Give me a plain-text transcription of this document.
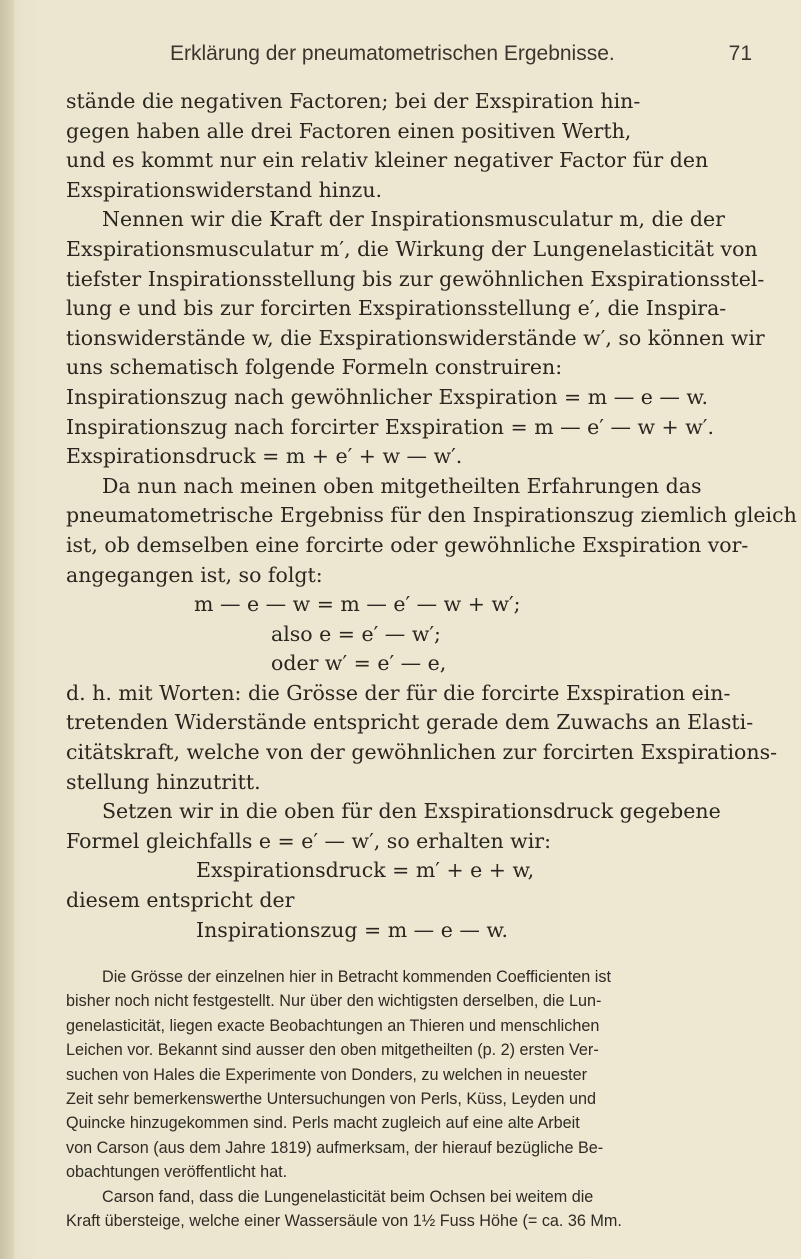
Erklärung der pneumatometrischen Ergebnisse.	71
stände die negativen Factoren; bei der Exspiration hin-
gegen haben alle drei Factoren einen positiven Werth,
und es kommt nur ein relativ kleiner negativer Factor für den
Exspirationswiderstand hinzu.
Nennen wir die Kraft der Inspirationsmusculatur m, die der
Exspirationsmusculatur m′, die Wirkung der Lungenelasticität von
tiefster Inspirationsstellung bis zur gewöhnlichen Exspirationsstel-
lung e und bis zur forcirten Exspirationsstellung e′, die Inspira-
tionswiderstände w, die Exspirationswiderstände w′, so können wir
uns schematisch folgende Formeln construiren:
Inspirationszug nach gewöhnlicher Exspiration = m — e — w.
Inspirationszug nach forcirter Exspiration = m — e′ — w + w′.
Exspirationsdruck = m + e′ + w — w′.
Da nun nach meinen oben mitgetheilten Erfahrungen das
pneumatometrische Ergebniss für den Inspirationszug ziemlich gleich
ist, ob demselben eine forcirte oder gewöhnliche Exspiration vor-
angegangen ist, so folgt:
m — e — w = m — e′ — w + w′;
also e = e′ — w′;
oder w′ = e′ — e,
d. h. mit Worten: die Grösse der für die forcirte Exspiration ein-
tretenden Widerstände entspricht gerade dem Zuwachs an Elasti-
citätskraft, welche von der gewöhnlichen zur forcirten Exspirations-
stellung hinzutritt.
Setzen wir in die oben für den Exspirationsdruck gegebene
Formel gleichfalls e = e′ — w′, so erhalten wir:
Exspirationsdruck = m′ + e + w,
diesem entspricht der
Inspirationszug = m — e — w.
Die Grösse der einzelnen hier in Betracht kommenden Coefficienten ist
bisher noch nicht festgestellt. Nur über den wichtigsten derselben, die Lun-
genelasticität, liegen exacte Beobachtungen an Thieren und menschlichen
Leichen vor. Bekannt sind ausser den oben mitgetheilten (p. 2) ersten Ver-
suchen von Hales die Experimente von Donders, zu welchen in neuester
Zeit sehr bemerkenswerthe Untersuchungen von Perls, Küss, Leyden und
Quincke hinzugekommen sind. Perls macht zugleich auf eine alte Arbeit
von Carson (aus dem Jahre 1819) aufmerksam, der hierauf bezügliche Be-
obachtungen veröffentlicht hat.
Carson fand, dass die Lungenelasticität beim Ochsen bei weitem die
Kraft übersteige, welche einer Wassersäule von 1½ Fuss Höhe (= ca. 36 Mm.
